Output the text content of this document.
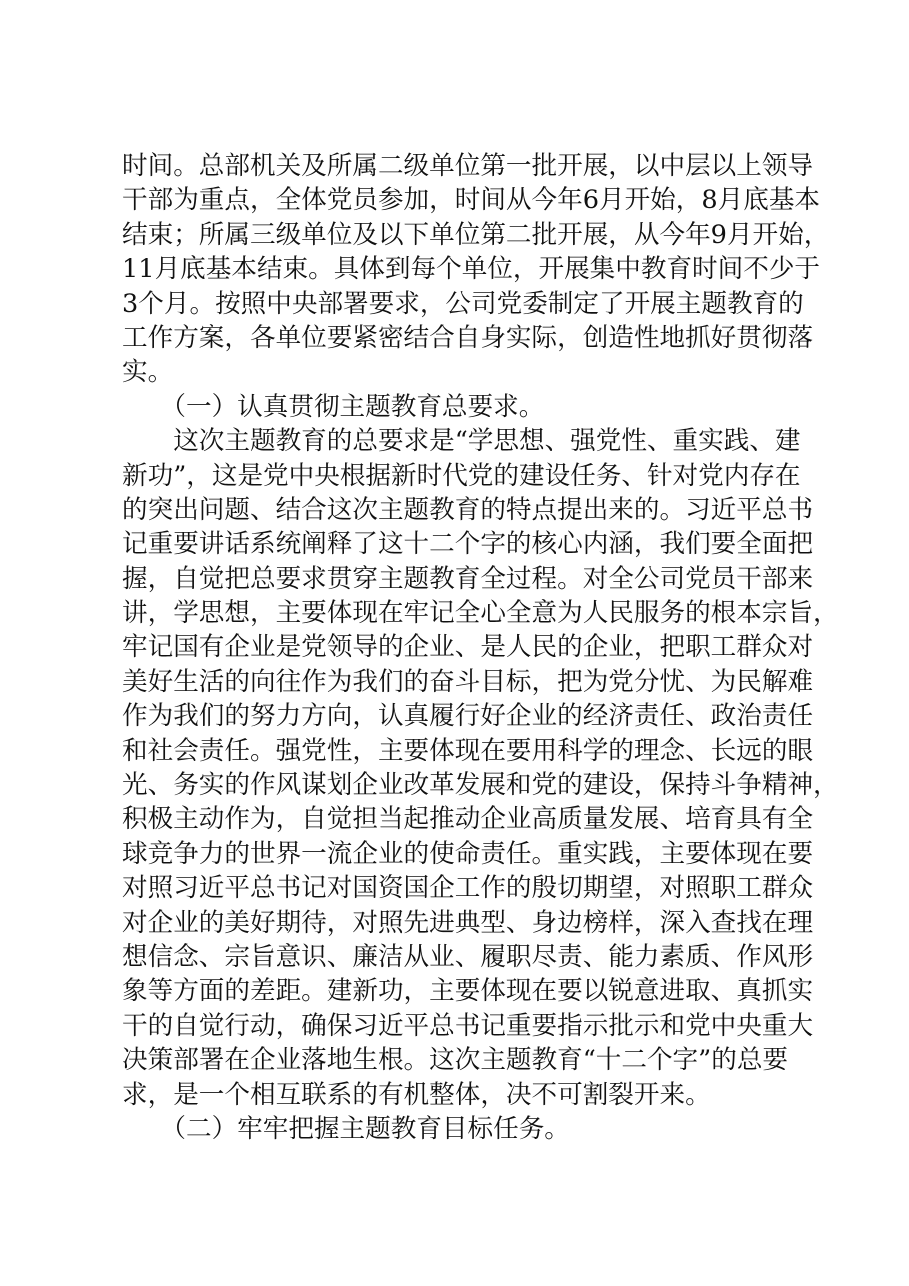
时间。总部机关及所属二级单位第一批开展，以中层以上领导
干部为重点，全体党员参加，时间从今年6月开始，8月底基本
结束；所属三级单位及以下单位第二批开展，从今年9月开始，
11月底基本结束。具体到每个单位，开展集中教育时间不少于
3个月。按照中央部署要求，公司党委制定了开展主题教育的
工作方案，各单位要紧密结合自身实际，创造性地抓好贯彻落
实。
　　（一）认真贯彻主题教育总要求。
　　这次主题教育的总要求是“学思想、强党性、重实践、建
新功”，这是党中央根据新时代党的建设任务、针对党内存在
的突出问题、结合这次主题教育的特点提出来的。习近平总书
记重要讲话系统阐释了这十二个字的核心内涵，我们要全面把
握，自觉把总要求贯穿主题教育全过程。对全公司党员干部来
讲，学思想，主要体现在牢记全心全意为人民服务的根本宗旨，
牢记国有企业是党领导的企业、是人民的企业，把职工群众对
美好生活的向往作为我们的奋斗目标，把为党分忧、为民解难
作为我们的努力方向，认真履行好企业的经济责任、政治责任
和社会责任。强党性，主要体现在要用科学的理念、长远的眼
光、务实的作风谋划企业改革发展和党的建设，保持斗争精神，
积极主动作为，自觉担当起推动企业高质量发展、培育具有全
球竞争力的世界一流企业的使命责任。重实践，主要体现在要
对照习近平总书记对国资国企工作的殷切期望，对照职工群众
对企业的美好期待，对照先进典型、身边榜样，深入查找在理
想信念、宗旨意识、廉洁从业、履职尽责、能力素质、作风形
象等方面的差距。建新功，主要体现在要以锐意进取、真抓实
干的自觉行动，确保习近平总书记重要指示批示和党中央重大
决策部署在企业落地生根。这次主题教育“十二个字”的总要
求，是一个相互联系的有机整体，决不可割裂开来。
　　（二）牢牢把握主题教育目标任务。
